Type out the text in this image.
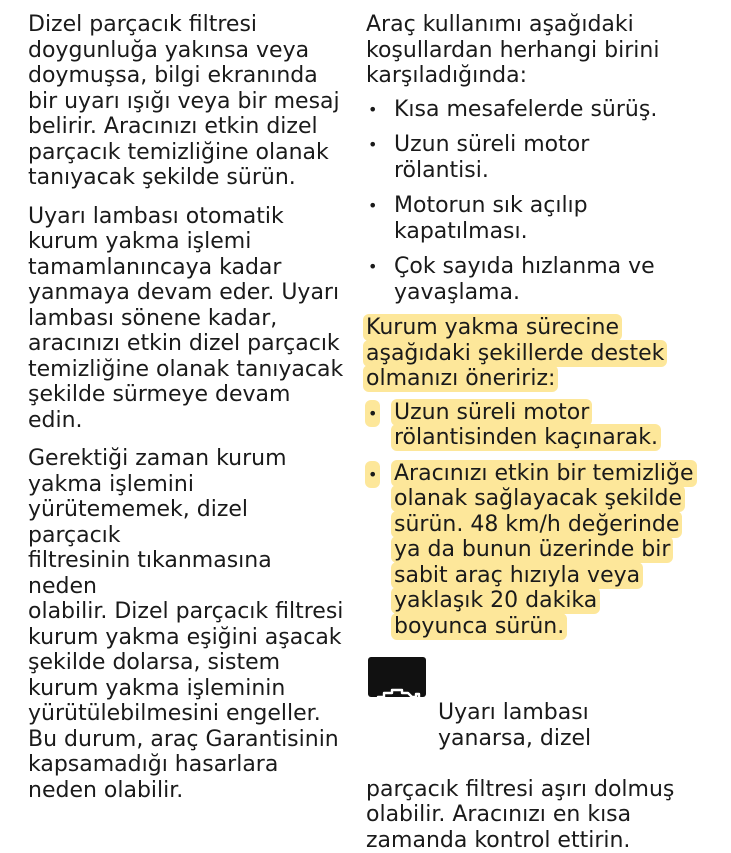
Dizel parçacık filtresi
doygunluğa yakınsa veya
doymuşsa, bilgi ekranında
bir uyarı ışığı veya bir mesaj
belirir. Aracınızı etkin dizel
parçacık temizliğine olanak
tanıyacak şekilde sürün.

Uyarı lambası otomatik
kurum yakma işlemi
tamamlanıncaya kadar
yanmaya devam eder. Uyarı
lambası sönene kadar,
aracınızı etkin dizel parçacık
temizliğine olanak tanıyacak
şekilde sürmeye devam edin.

Gerektiği zaman kurum
yakma işlemini
yürütememek, dizel parçacık
filtresinin tıkanmasına neden
olabilir. Dizel parçacık filtresi
kurum yakma eşiğini aşacak
şekilde dolarsa, sistem
kurum yakma işleminin
yürütülebilmesini engeller.
Bu durum, araç Garantisinin
kapsamadığı hasarlara
neden olabilir.

Araç kullanımı aşağıdaki
koşullardan herhangi birini
karşıladığında:

• Kısa mesafelerde sürüş.
• Uzun süreli motor
rölantisi.
• Motorun sık açılıp
kapatılması.
• Çok sayıda hızlanma ve
yavaşlama.

Kurum yakma sürecine
aşağıdaki şekillerde destek
olmanızı öneririz:

• Uzun süreli motor
rölantisinden kaçınarak.
• Aracınızı etkin bir temizliğe
olanak sağlayacak şekilde
sürün. 48 km/h değerinde
ya da bunun üzerinde bir
sabit araç hızıyla veya
yaklaşık 20 dakika
boyunca sürün.

Uyarı lambası
yanarsa, dizel

parçacık filtresi aşırı dolmuş
olabilir. Aracınızı en kısa
zamanda kontrol ettirin.
